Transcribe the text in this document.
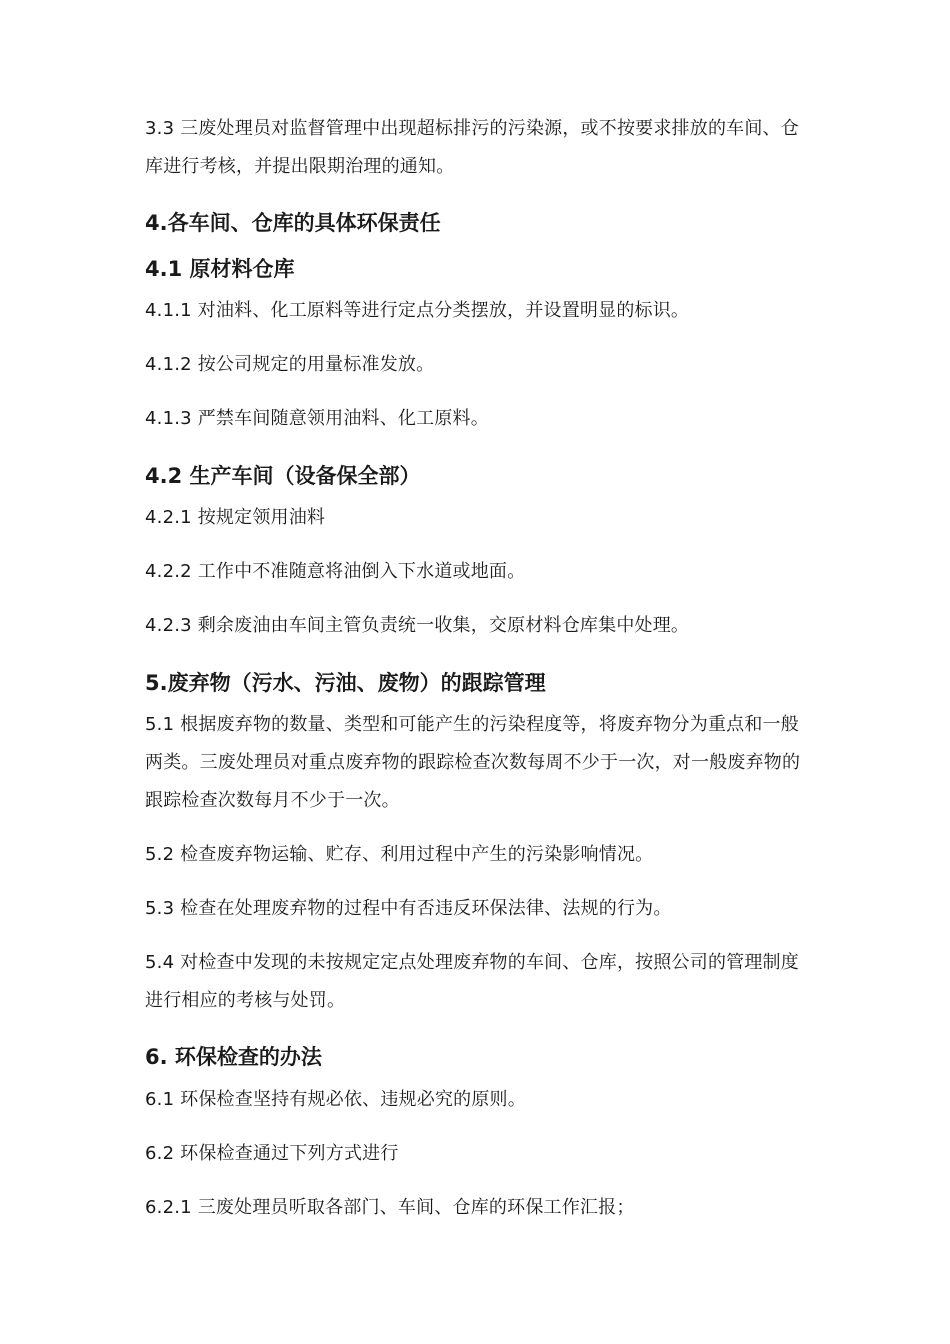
3.3 三废处理员对监督管理中出现超标排污的污染源，或不按要求排放的车间、仓库进行考核，并提出限期治理的通知。

4.各车间、仓库的具体环保责任
4.1 原材料仓库

4.1.1 对油料、化工原料等进行定点分类摆放，并设置明显的标识。

4.1.2 按公司规定的用量标准发放。

4.1.3 严禁车间随意领用油料、化工原料。

4.2 生产车间（设备保全部）

4.2.1 按规定领用油料

4.2.2 工作中不准随意将油倒入下水道或地面。

4.2.3 剩余废油由车间主管负责统一收集，交原材料仓库集中处理。

5.废弃物（污水、污油、废物）的跟踪管理

5.1 根据废弃物的数量、类型和可能产生的污染程度等，将废弃物分为重点和一般两类。三废处理员对重点废弃物的跟踪检查次数每周不少于一次，对一般废弃物的跟踪检查次数每月不少于一次。

5.2 检查废弃物运输、贮存、利用过程中产生的污染影响情况。

5.3 检查在处理废弃物的过程中有否违反环保法律、法规的行为。

5.4 对检查中发现的未按规定定点处理废弃物的车间、仓库，按照公司的管理制度进行相应的考核与处罚。

6. 环保检查的办法

6.1 环保检查坚持有规必依、违规必究的原则。

6.2 环保检查通过下列方式进行

6.2.1 三废处理员听取各部门、车间、仓库的环保工作汇报；
